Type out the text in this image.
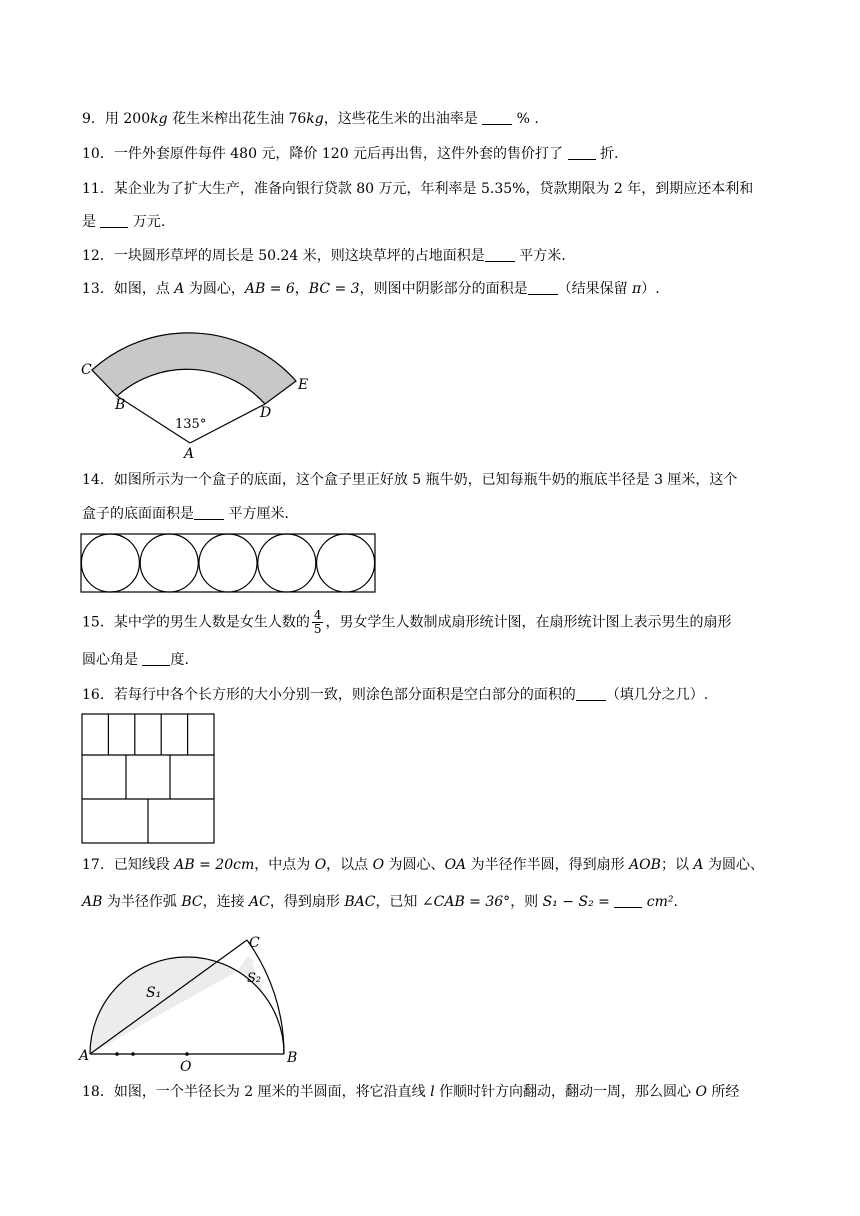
9．用 200kg 花生米榨出花生油 76kg，这些花生米的出油率是  % .
10．一件外套原件每件 480 元，降价 120 元后再出售，这件外套的售价打了  折.
11．某企业为了扩大生产，准备向银行贷款 80 万元，年利率是 5.35%，贷款期限为 2 年，到期应还本利和
是  万元.
12．一块圆形草坪的周长是 50.24 米，则这块草坪的占地面积是 平方米.
13．如图，点 A 为圆心，AB = 6，BC = 3，则图中阴影部分的面积是 （结果保留 π）.
C
B	D
E
A
135°
14．如图所示为一个盒子的底面，这个盒子里正好放 5 瓶牛奶，已知每瓶牛奶的瓶底半径是 3 厘米，这个
盒子的底面面积是 平方厘米.
15．某中学的男生人数是女生人数的 $\frac{4}{5}$ ，男女学生人数制成扇形统计图，在扇形统计图上表示男生的扇形
圆心角是 度.
16．若每行中各个长方形的大小分别一致，则涂色部分面积是空白部分的面积的 （填几分之几）.
17．已知线段 AB = 20cm，中点为 O，以点 O 为圆心、OA 为半径作半圆，得到扇形 AOB；以 A 为圆心、
AB 为半径作弧 BC，连接 AC，得到扇形 BAC，已知 ∠CAB = 36°，则 S₁ − S₂ =	cm².
C
S₁
S₂
A
O
B
18．如图，一个半径长为 2 厘米的半圆面，将它沿直线 l 作顺时针方向翻动，翻动一周，那么圆心 O 所经
